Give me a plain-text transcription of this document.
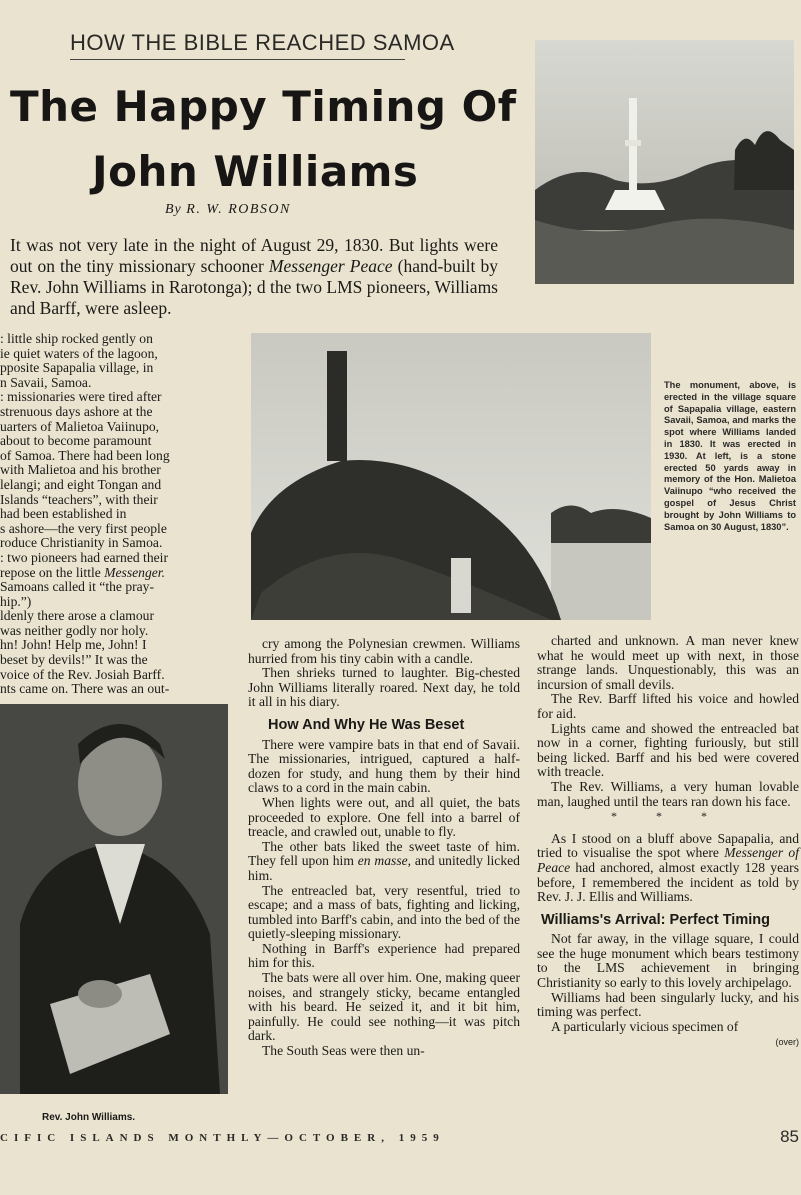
HOW THE BIBLE REACHED SAMOA
The Happy Timing Of
John Williams
By R. W. ROBSON
It was not very late in the night of August 29, 1830. But lights were out on the tiny missionary schooner Messenger Peace (hand-built by Rev. John Williams in Rarotonga); d the two LMS pioneers, Williams and Barff, were asleep.
The monument, above, is erected in the village square of Sapapalia village, eastern Savaii, Samoa, and marks the spot where Williams landed in 1830. It was erected in 1930. At left, is a stone erected 50 yards away in memory of the Hon. Malietoa Vaiinupo “who received the gospel of Jesus Christ brought by John Williams to Samoa on 30 August, 1830”.
Rev. John Williams.
: little ship rocked gently on
ie quiet waters of the lagoon,
pposite Sapapalia village, in
n Savaii, Samoa.
: missionaries were tired after
strenuous days ashore at the
uarters of Malietoa Vaiinupo,
about to become paramount
of Samoa. There had been long
with Malietoa and his brother
lelangi; and eight Tongan and
Islands “teachers”, with their
had been established in
s ashore—the very first people
roduce Christianity in Samoa.
: two pioneers had earned their
repose on the little Messenger.
Samoans called it “the pray-
hip.”)
ldenly there arose a clamour
was neither godly nor holy.
hn! John! Help me, John! I
beset by devils!” It was the
voice of the Rev. Josiah Barff.
nts came on. There was an out-

cry among the Polynesian crewmen. Williams hurried from his tiny cabin with a candle.

Then shrieks turned to laughter. Big-chested John Williams literally roared. Next day, he told it all in his diary.

How And Why He Was Beset

There were vampire bats in that end of Savaii. The missionaries, intrigued, captured a half-dozen for study, and hung them by their hind claws to a cord in the main cabin.

When lights were out, and all quiet, the bats proceeded to explore. One fell into a barrel of treacle, and crawled out, unable to fly.

The other bats liked the sweet taste of him. They fell upon him en masse, and unitedly licked him.

The entreacled bat, very resentful, tried to escape; and a mass of bats, fighting and licking, tumbled into Barff's cabin, and into the bed of the quietly-sleeping missionary.

Nothing in Barff's experience had prepared him for this.

The bats were all over him. One, making queer noises, and strangely sticky, became entangled with his beard. He seized it, and it bit him, painfully. He could see nothing—it was pitch dark.

The South Seas were then un-

charted and unknown. A man never knew what he would meet up with next, in those strange lands. Unquestionably, this was an incursion of small devils.

The Rev. Barff lifted his voice and howled for aid.

Lights came and showed the entreacled bat now in a corner, fighting furiously, but still being licked. Barff and his bed were covered with treacle.

The Rev. Williams, a very human lovable man, laughed until the tears ran down his face.

* * *

As I stood on a bluff above Sapapalia, and tried to visualise the spot where Messenger of Peace had anchored, almost exactly 128 years before, I remembered the incident as told by Rev. J. J. Ellis and Williams.

Williams's Arrival: Perfect Timing

Not far away, in the village square, I could see the huge monument which bears testimony to the LMS achievement in bringing Christianity so early to this lovely archipelago.

Williams had been singularly lucky, and his timing was perfect.

A particularly vicious specimen of

(over)
CIFIC ISLANDS MONTHLY—OCTOBER, 1959	85
